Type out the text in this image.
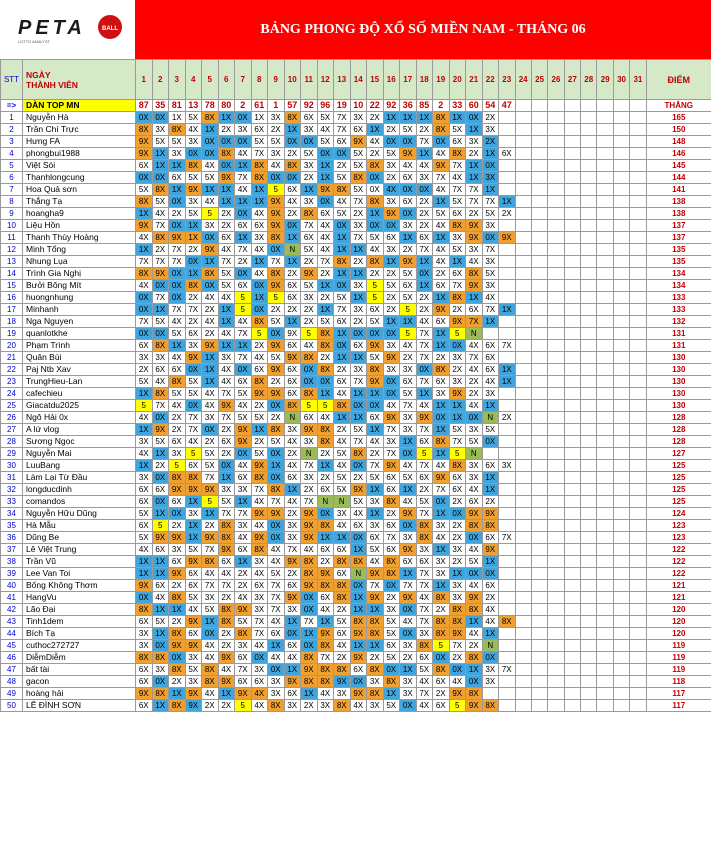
PETA	BALL
LOTTO ANALYST
BẢNG PHONG ĐỘ XỔ SỐ MIỀN NAM - THÁNG 06
STT	NGÀY
THÀNH VIÊN	1	2	3	4	5	6	7	8	9	10	11	12	13	14	15	16	17	18	19	20	21	22	23	24	25	26	27	28	29	30	31	ĐIỂM
=>	DÀN TOP MN	87	35	81	13	78	80	2	61	1	57	92	96	19	10	22	92	36	85	2	33	60	54	47									THẮNG
1	Nguyễn Hà	0X	0X	1X	5X	8X	1X	0X	1X	3X	8X	6X	5X	7X	3X	2X	1X	1X	1X	8X	1X	0X	2X										165
2	Trần Chí Trực	8X	3X	8X	4X	1X	2X	3X	6X	2X	1X	3X	4X	7X	6X	1X	2X	5X	2X	8X	5X	1X	3X										150
3	Hưng FA	9X	5X	5X	3X	0X	0X	0X	5X	5X	0X	0X	5X	6X	9X	4X	0X	0X	7X	0X	6X	3X	2X										148
4	phongbui1988	9X	1X	3X	0X	0X	8X	4X	7X	3X	2X	5X	0X	0X	5X	2X	5X	9X	1X	4X	8X	2X	1X	6X									146
5	Việt Sói	6X	1X	1X	8X	4X	0X	1X	8X	4X	8X	3X	1X	2X	5X	8X	3X	4X	4X	9X	7X	1X	0X										145
6	Thanhlongcung	0X	0X	6X	5X	5X	9X	7X	8X	0X	0X	2X	1X	5X	8X	0X	2X	6X	3X	7X	4X	1X	3X										144
7	Hoa Quả sơn	5X	8X	1X	9X	1X	1X	4X	1X	5	6X	1X	9X	8X	5X	0X	4X	0X	0X	4X	7X	7X	1X										141
8	Thắng Tạ	8X	5X	0X	3X	4X	1X	1X	1X	9X	4X	3X	0X	4X	7X	8X	3X	6X	2X	1X	5X	7X	7X	1X									138
9	hoangha9	1X	4X	2X	5X	5	2X	0X	4X	9X	2X	8X	6X	5X	2X	1X	9X	0X	2X	5X	6X	2X	5X	2X									138
10	Liệu Hồn	9X	7X	0X	1X	3X	2X	6X	6X	9X	0X	7X	4X	0X	3X	0X	0X	3X	2X	4X	8X	9X	3X										137
11	Thanh Thùy Hoàng	4X	8X	9X	1X	0X	6X	1X	3X	8X	1X	6X	4X	1X	7X	5X	6X	1X	6X	1X	3X	9X	0X	9X									137
12	Minh Tổng	1X	2X	7X	2X	9X	4X	7X	4X	0X	N	5X	4X	1X	1X	4X	3X	2X	7X	4X	5X	3X	7X										135
13	Nhung Lụa	7X	7X	7X	0X	1X	7X	2X	1X	7X	1X	2X	7X	8X	2X	8X	1X	9X	1X	4X	1X	4X	3X										135
14	Trình Gia Nghị	8X	9X	0X	1X	8X	5X	0X	4X	8X	2X	9X	2X	1X	1X	2X	2X	5X	0X	2X	6X	8X	5X										134
15	Bưởi Bông Mít	4X	0X	0X	8X	0X	5X	6X	0X	9X	6X	5X	1X	0X	3X	5	5X	6X	1X	6X	7X	9X	3X										134
16	huongnhung	0X	7X	0X	2X	4X	4X	5	1X	5	6X	3X	2X	5X	1X	5	2X	5X	2X	1X	8X	1X	4X										133
17	Minhanh	0X	1X	7X	7X	2X	1X	5	0X	2X	2X	2X	1X	7X	3X	6X	2X	5	2X	9X	2X	6X	7X	1X									133
18	Nga Nguyen	7X	5X	4X	2X	4X	1X	4X	8X	5X	1X	2X	5X	6X	2X	5X	1X	1X	4X	6X	9X	7X	1X										132
19	quanlotkhe	0X	0X	5X	6X	2X	4X	7X	5	0X	9X	5	8X	1X	0X	0X	0X	5	7X	1X	5	N											131
20	Phạm Trình	6X	8X	1X	3X	9X	1X	1X	2X	9X	6X	4X	8X	0X	6X	9X	3X	4X	7X	1X	0X	4X	6X	7X									131
21	Quân Bùi	3X	3X	4X	9X	1X	3X	7X	4X	5X	9X	8X	2X	1X	1X	5X	9X	2X	7X	2X	3X	7X	6X										130
22	Paj Ntb Xav	2X	6X	6X	0X	1X	4X	0X	6X	9X	6X	0X	8X	2X	3X	8X	3X	3X	0X	8X	2X	4X	6X	1X									130
23	TrungHieu-Lan	5X	4X	8X	5X	1X	4X	6X	8X	2X	6X	0X	0X	6X	7X	9X	0X	6X	7X	6X	3X	2X	4X	1X									130
24	cafechieu	1X	8X	5X	5X	4X	7X	5X	9X	9X	6X	8X	1X	4X	1X	1X	0X	5X	1X	3X	9X	2X	3X										130
25	Giacatdu2025	5	7X	4X	0X	4X	9X	4X	2X	0X	8X	5	5	8X	0X	0X	4X	7X	4X	1X	1X	4X	1X										130
26	Ngô Hải 0x	4X	0X	2X	7X	3X	7X	5X	5X	2X	N	6X	4X	1X	1X	6X	9X	3X	9X	0X	1X	0X	N	2X									128
27	A lứ vlog	1X	9X	2X	7X	0X	2X	9X	1X	8X	3X	9X	8X	2X	5X	1X	7X	3X	7X	1X	5X	3X	5X										128
28	Sương Ngọc	3X	5X	6X	4X	2X	6X	9X	2X	5X	4X	3X	8X	4X	7X	4X	3X	1X	6X	8X	7X	5X	0X										128
29	Nguyễn Mai	4X	1X	3X	5	5X	2X	0X	5X	0X	2X	N	2X	5X	8X	2X	7X	0X	5	1X	5	N											127
30	LuuBang	1X	2X	5	6X	5X	0X	4X	9X	1X	4X	7X	1X	4X	0X	7X	9X	4X	7X	4X	8X	3X	6X	3X									125
31	Làm Lại Từ Đầu	3X	0X	8X	8X	7X	1X	6X	8X	0X	6X	3X	2X	5X	2X	5X	6X	5X	6X	9X	6X	3X	1X										125
32	longducdinh	6X	6X	9X	9X	9X	3X	3X	7X	8X	1X	2X	6X	5X	9X	1X	6X	1X	2X	7X	6X	4X	1X										125
33	comandos	6X	0X	6X	1X	5	5X	1X	4X	7X	4X	7X	N	N	5X	3X	8X	4X	5X	0X	2X	6X	2X										125
34	Nguyễn Hữu Dũng	5X	1X	0X	3X	1X	7X	7X	9X	9X	2X	9X	0X	3X	4X	1X	2X	9X	7X	1X	0X	9X	9X										124
35	Hà Mẫu	6X	5	2X	1X	2X	8X	3X	4X	0X	3X	9X	8X	4X	6X	3X	6X	0X	8X	3X	2X	8X	8X										123
36	Dũng Be	5X	9X	9X	1X	9X	8X	4X	9X	0X	3X	9X	1X	1X	0X	6X	7X	3X	8X	4X	2X	0X	6X	7X									123
37	Lê Việt Trung	4X	6X	3X	5X	7X	9X	6X	8X	4X	7X	4X	6X	6X	1X	5X	6X	9X	3X	1X	3X	4X	9X										122
38	Trần Vũ	1X	1X	6X	9X	8X	6X	1X	3X	4X	9X	8X	2X	8X	8X	4X	8X	6X	6X	3X	2X	5X	1X										122
39	Lee Van Toi	1X	1X	9X	6X	4X	4X	2X	4X	5X	2X	8X	9X	6X	N	9X	8X	1X	7X	3X	1X	0X	0X										122
40	Bống Không Thơm	9X	6X	2X	6X	7X	7X	2X	6X	7X	6X	9X	8X	8X	0X	7X	0X	7X	7X	1X	3X	4X	6X										121
41	HangVu	0X	4X	8X	5X	3X	2X	4X	3X	7X	9X	0X	6X	8X	1X	9X	2X	9X	4X	8X	3X	9X	2X										121
42	Lão Đại	8X	1X	1X	4X	5X	8X	9X	3X	7X	3X	0X	4X	2X	1X	1X	3X	0X	7X	2X	8X	8X	4X										120
43	Tinh1dem	6X	5X	2X	9X	1X	8X	5X	7X	4X	1X	7X	1X	5X	8X	8X	5X	4X	7X	8X	8X	1X	4X	8X									120
44	Bích Tạ	3X	1X	8X	6X	0X	2X	8X	7X	6X	0X	1X	9X	6X	9X	8X	5X	0X	3X	8X	9X	4X	1X										120
45	cuthoc272727	3X	0X	9X	9X	4X	2X	3X	4X	1X	6X	0X	8X	4X	1X	1X	6X	3X	8X	5	7X	2X	N										119
46	DiễmDiễm	8X	8X	0X	3X	4X	9X	6X	0X	4X	4X	8X	7X	2X	9X	2X	5X	2X	6X	0X	2X	8X	0X										119
47	bất tài	6X	3X	8X	5X	8X	4X	7X	3X	0X	1X	9X	8X	8X	6X	8X	0X	1X	5X	8X	0X	1X	3X	7X									119
48	gacon	6X	0X	2X	3X	8X	9X	6X	6X	3X	9X	8X	8X	9X	0X	3X	8X	3X	4X	6X	4X	0X	3X										118
49	hoàng hải	9X	8X	1X	9X	4X	1X	9X	4X	3X	6X	1X	4X	3X	9X	8X	1X	3X	7X	2X	9X	8X											117
50	LÊ ĐÌNH SƠN	6X	1X	8X	9X	2X	2X	5	4X	8X	3X	2X	3X	8X	4X	3X	5X	0X	4X	6X	5	9X	8X										117
